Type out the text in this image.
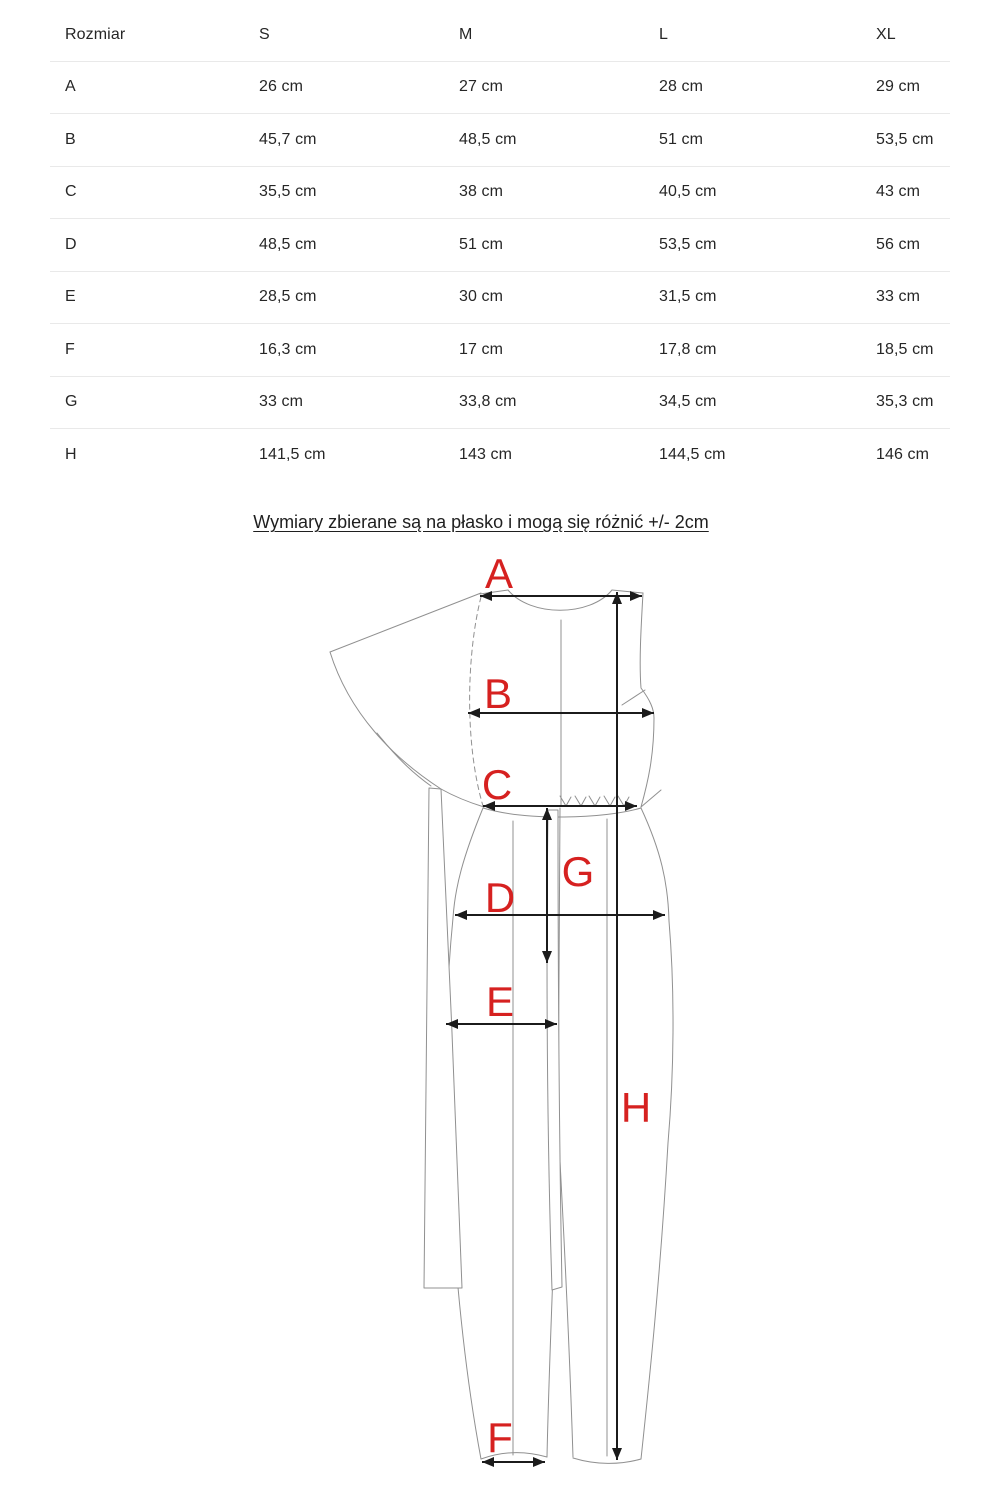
Rozmiar	S	M	L	XL
A	26 cm	27 cm	28 cm	29 cm
B	45,7 cm	48,5 cm	51 cm	53,5 cm
C	35,5 cm	38 cm	40,5 cm	43 cm
D	48,5 cm	51 cm	53,5 cm	56 cm
E	28,5 cm	30 cm	31,5 cm	33 cm
F	16,3 cm	17 cm	17,8 cm	18,5 cm
G	33 cm	33,8 cm	34,5 cm	35,3 cm
H	141,5 cm	143 cm	144,5 cm	146 cm
Wymiary zbierane są na płasko i mogą się różnić +/- 2cm
A
B
C
D
E
F
G
H
